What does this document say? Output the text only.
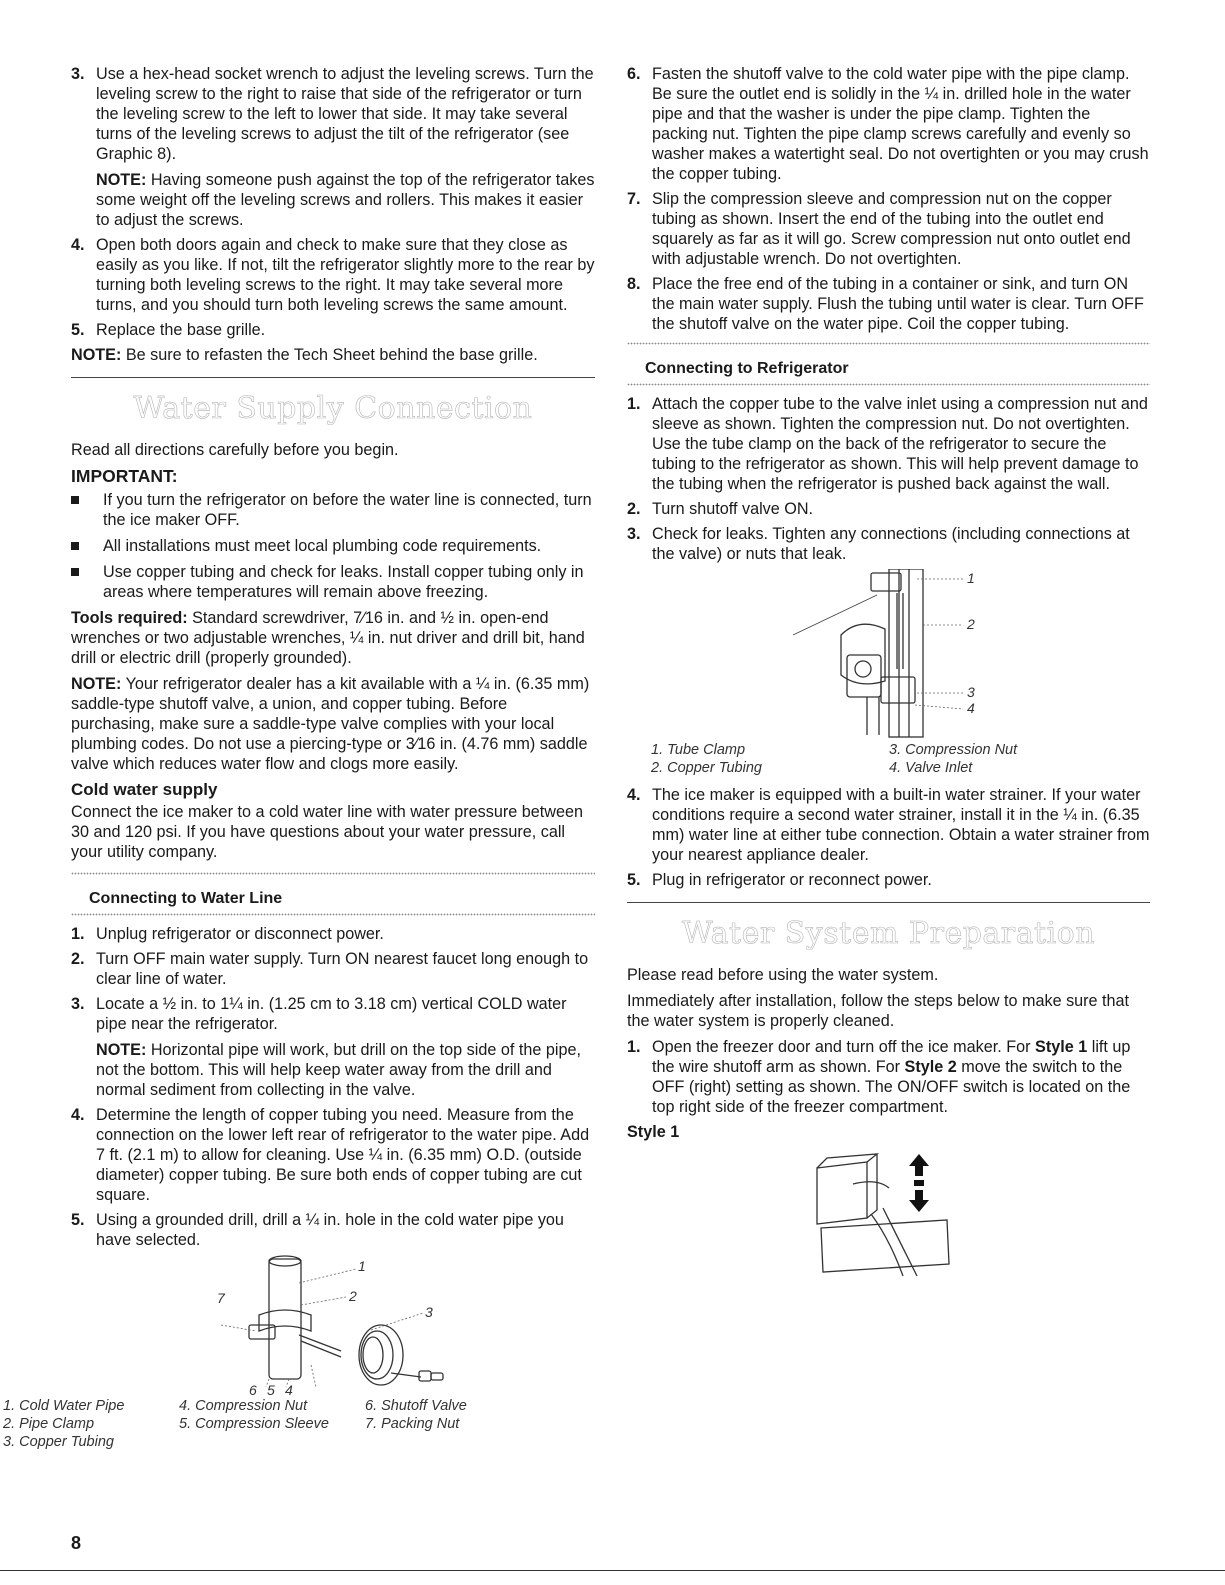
3. Use a hex-head socket wrench to adjust the leveling screws. Turn the leveling screw to the right to raise that side of the refrigerator or turn the leveling screw to the left to lower that side. It may take several turns of the leveling screws to adjust the tilt of the refrigerator (see Graphic 8).
NOTE: Having someone push against the top of the refrigerator takes some weight off the leveling screws and rollers. This makes it easier to adjust the screws.
4. Open both doors again and check to make sure that they close as easily as you like. If not, tilt the refrigerator slightly more to the rear by turning both leveling screws to the right. It may take several more turns, and you should turn both leveling screws the same amount.
5. Replace the base grille.

NOTE: Be sure to refasten the Tech Sheet behind the base grille.

Water Supply Connection

Read all directions carefully before you begin.

IMPORTANT:
If you turn the refrigerator on before the water line is connected, turn the ice maker OFF.
All installations must meet local plumbing code requirements.
Use copper tubing and check for leaks. Install copper tubing only in areas where temperatures will remain above freezing.

Tools required: Standard screwdriver, 7⁄16 in. and ½ in. open-end wrenches or two adjustable wrenches, ¼ in. nut driver and drill bit, hand drill or electric drill (properly grounded).

NOTE: Your refrigerator dealer has a kit available with a ¼ in. (6.35 mm) saddle-type shutoff valve, a union, and copper tubing. Before purchasing, make sure a saddle-type valve complies with your local plumbing codes. Do not use a piercing-type or 3⁄16 in. (4.76 mm) saddle valve which reduces water flow and clogs more easily.

Cold water supply

Connect the ice maker to a cold water line with water pressure between 30 and 120 psi. If you have questions about your water pressure, call your utility company.

Connecting to Water Line
1. Unplug refrigerator or disconnect power.
2. Turn OFF main water supply. Turn ON nearest faucet long enough to clear line of water.
3. Locate a ½ in. to 1¼ in. (1.25 cm to 3.18 cm) vertical COLD water pipe near the refrigerator.
NOTE: Horizontal pipe will work, but drill on the top side of the pipe, not the bottom. This will help keep water away from the drill and normal sediment from collecting in the valve.
4. Determine the length of copper tubing you need. Measure from the connection on the lower left rear of refrigerator to the water pipe. Add 7 ft. (2.1 m) to allow for cleaning. Use ¼ in. (6.35 mm) O.D. (outside diameter) copper tubing. Be sure both ends of copper tubing are cut square.
5. Using a grounded drill, drill a ¼ in. hole in the cold water pipe you have selected.
1
2
3
4
5
6
7
1. Cold Water Pipe	4. Compression Nut	6. Shutoff Valve
2. Pipe Clamp	5. Compression Sleeve	7. Packing Nut
3. Copper Tubing
6. Fasten the shutoff valve to the cold water pipe with the pipe clamp. Be sure the outlet end is solidly in the ¼ in. drilled hole in the water pipe and that the washer is under the pipe clamp. Tighten the packing nut. Tighten the pipe clamp screws carefully and evenly so washer makes a watertight seal. Do not overtighten or you may crush the copper tubing.
7. Slip the compression sleeve and compression nut on the copper tubing as shown. Insert the end of the tubing into the outlet end squarely as far as it will go. Screw compression nut onto outlet end with adjustable wrench. Do not overtighten.
8. Place the free end of the tubing in a container or sink, and turn ON the main water supply. Flush the tubing until water is clear. Turn OFF the shutoff valve on the water pipe. Coil the copper tubing.
Connecting to Refrigerator
1. Attach the copper tube to the valve inlet using a compression nut and sleeve as shown. Tighten the compression nut. Do not overtighten. Use the tube clamp on the back of the refrigerator to secure the tubing to the refrigerator as shown. This will help prevent damage to the tubing when the refrigerator is pushed back against the wall.
2. Turn shutoff valve ON.
3. Check for leaks. Tighten any connections (including connections at the valve) or nuts that leak.
1
2
3
4
1. Tube Clamp	3. Compression Nut
2. Copper Tubing	4. Valve Inlet
4. The ice maker is equipped with a built-in water strainer. If your water conditions require a second water strainer, install it in the ¼ in. (6.35 mm) water line at either tube connection. Obtain a water strainer from your nearest appliance dealer.
5. Plug in refrigerator or reconnect power.
Water System Preparation

Please read before using the water system.

Immediately after installation, follow the steps below to make sure that the water system is properly cleaned.

1. Open the freezer door and turn off the ice maker. For Style 1 lift up the wire shutoff arm as shown. For Style 2 move the switch to the OFF (right) setting as shown. The ON/OFF switch is located on the top right side of the freezer compartment.
Style 1
8
